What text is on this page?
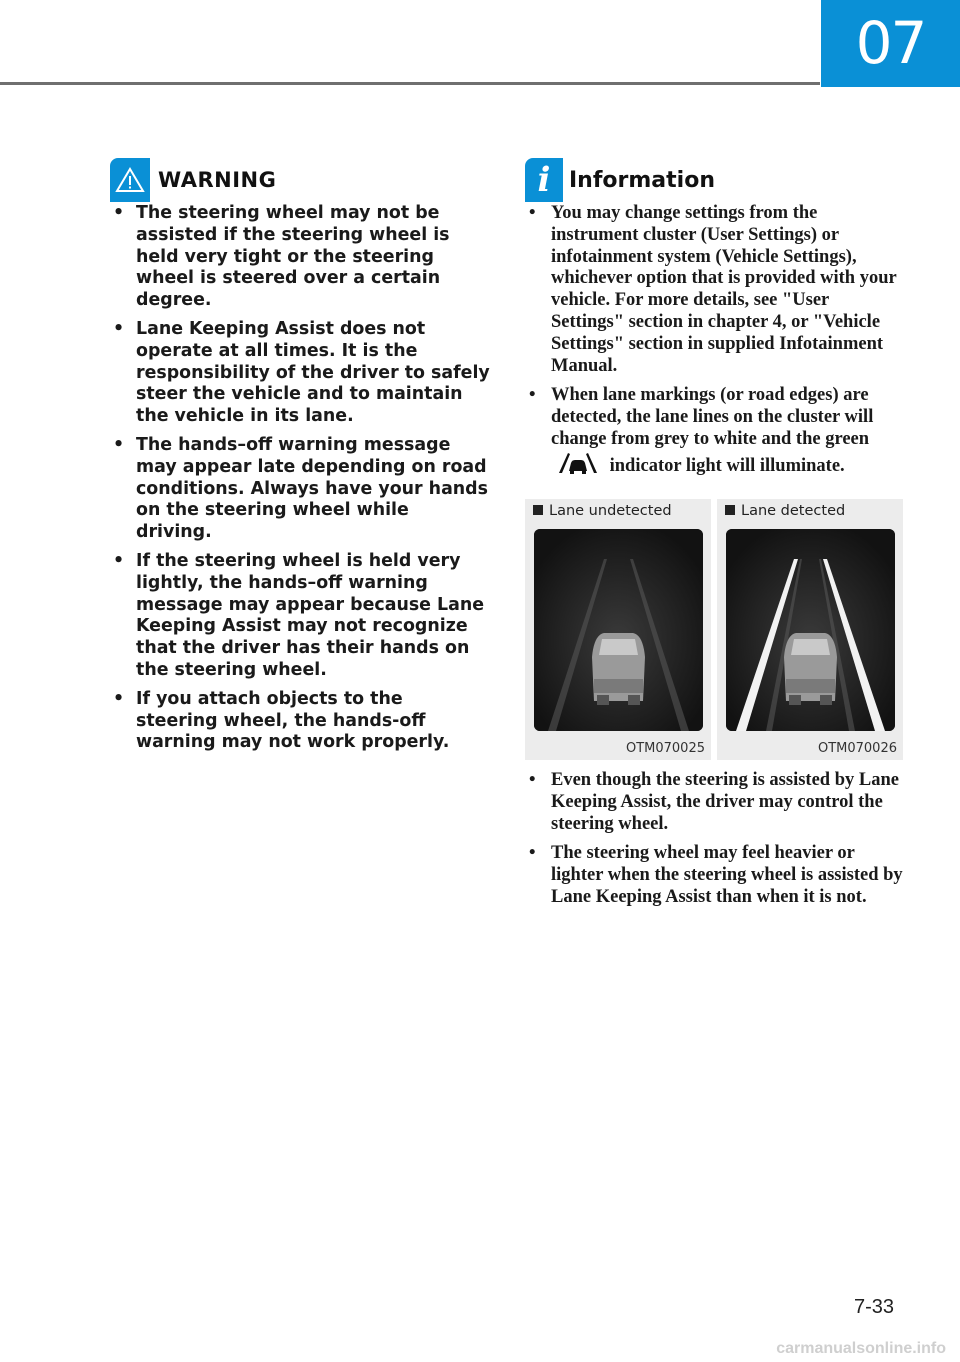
07
WARNING
• The steering wheel may not be assisted if the steering wheel is held very tight or the steering wheel is steered over a certain degree.
• Lane Keeping Assist does not operate at all times. It is the responsibility of the driver to safely steer the vehicle and to maintain the vehicle in its lane.
• The hands–off warning message may appear late depending on road conditions. Always have your hands on the steering wheel while driving.
• If the steering wheel is held very lightly, the hands–off warning message may appear because Lane Keeping Assist may not recognize that the driver has their hands on the steering wheel.
• If you attach objects to the steering wheel, the hands-off warning may not work properly.
i Information
• You may change settings from the instrument cluster (User Settings) or infotainment system (Vehicle Settings), whichever option that is provided with your vehicle. For more details, see "User Settings" section in chapter 4, or "Vehicle Settings" section in supplied Infotainment Manual.
• When lane markings (or road edges) are detected, the lane lines on the cluster will change from grey to white and the green  indicator light will illuminate.
Lane undetected
OTM070025
Lane detected
OTM070026
• Even though the steering is assisted by Lane Keeping Assist, the driver may control the steering wheel.
• The steering wheel may feel heavier or lighter when the steering wheel is assisted by Lane Keeping Assist than when it is not.
7-33
carmanualsonline.info
